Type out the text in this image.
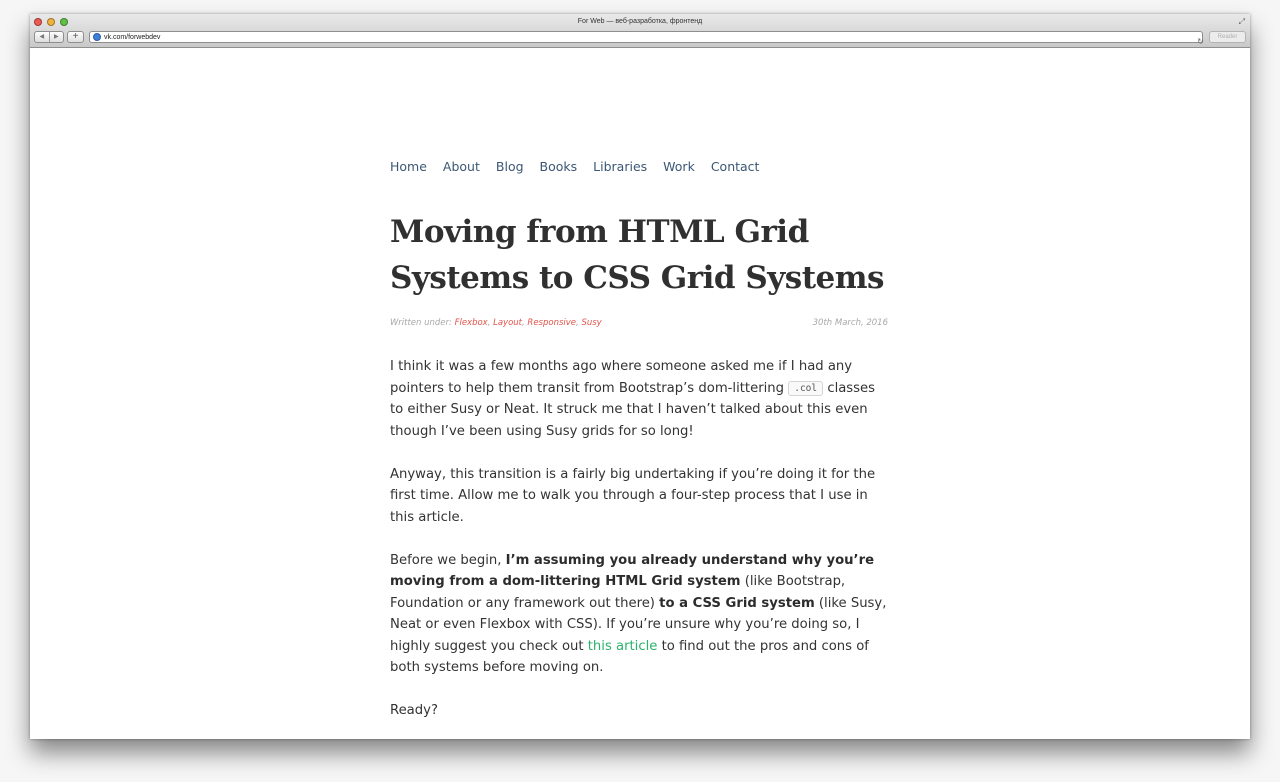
For Web — веб-разработка, фронтенд	⤢
◀	▶	+	vk.com/forwebdev	↻	Reader
Home About Blog Books Libraries Work Contact
Moving from HTML Grid Systems to CSS Grid Systems
Written under: Flexbox, Layout, Responsive, Susy	30th March, 2016

I think it was a few months ago where someone asked me if I had any pointers to help them transit from Bootstrap’s dom-littering .col classes to either Susy or Neat. It struck me that I haven’t talked about this even though I’ve been using Susy grids for so long!

Anyway, this transition is a fairly big undertaking if you’re doing it for the first time. Allow me to walk you through a four-step process that I use in this article.

Before we begin, I’m assuming you already understand why you’re moving from a dom-littering HTML Grid system (like Bootstrap, Foundation or any framework out there) to a CSS Grid system (like Susy, Neat or even Flexbox with CSS). If you’re unsure why you’re doing so, I highly suggest you check out this article to find out the pros and cons of both systems before moving on.

Ready?
